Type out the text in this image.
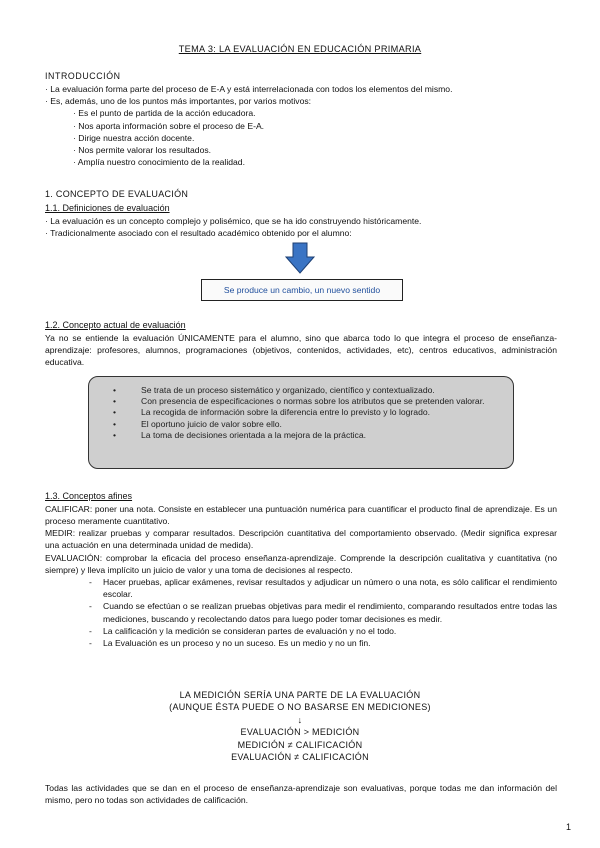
TEMA 3: LA EVALUACIÓN EN EDUCACIÓN PRIMARIA
INTRODUCCIÓN
· La evaluación forma parte del proceso de E-A y está interrelacionada con todos los elementos del mismo.
· Es, además, uno de los puntos más importantes, por varios motivos:
· Es el punto de partida de la acción educadora.
· Nos aporta información sobre el proceso de E-A.
· Dirige nuestra acción docente.
· Nos permite valorar los resultados.
· Amplía nuestro conocimiento de la realidad.
1. CONCEPTO DE EVALUACIÓN
1.1. Definiciones de evaluación
· La evaluación es un concepto complejo y polisémico, que se ha ido construyendo históricamente.
· Tradicionalmente asociado con el resultado académico obtenido por el alumno:
Se produce un cambio, un nuevo sentido
1.2. Concepto actual de evaluación
Ya no se entiende la evaluación ÚNICAMENTE para el alumno, sino que abarca todo lo que integra el proceso de enseñanza-aprendizaje: profesores, alumnos, programaciones (objetivos, contenidos, actividades, etc), centros educativos, administración educativa.
• Se trata de un proceso sistemático y organizado, científico y contextualizado.
• Con presencia de especificaciones o normas sobre los atributos que se pretenden valorar.
• La recogida de información sobre la diferencia entre lo previsto y lo logrado.
• El oportuno juicio de valor sobre ello.
• La toma de decisiones orientada a la mejora de la práctica.
1.3. Conceptos afines
CALIFICAR: poner una nota. Consiste en establecer una puntuación numérica para cuantificar el producto final de aprendizaje. Es un proceso meramente cuantitativo.
MEDIR: realizar pruebas y comparar resultados. Descripción cuantitativa del comportamiento observado. (Medir significa expresar una actuación en una determinada unidad de medida).
EVALUACIÓN: comprobar la eficacia del proceso enseñanza-aprendizaje. Comprende la descripción cualitativa y cuantitativa (no siempre) y lleva implícito un juicio de valor y una toma de decisiones al respecto.
- Hacer pruebas, aplicar exámenes, revisar resultados y adjudicar un número o una nota, es sólo calificar el rendimiento escolar.
- Cuando se efectúan o se realizan pruebas objetivas para medir el rendimiento, comparando resultados entre todas las mediciones, buscando y recolectando datos para luego poder tomar decisiones es medir.
- La calificación y la medición se consideran partes de evaluación y no el todo.
- La Evaluación es un proceso y no un suceso. Es un medio y no un fin.
LA MEDICIÓN SERÍA UNA PARTE DE LA EVALUACIÓN
(AUNQUE ÉSTA PUEDE O NO BASARSE EN MEDICIONES)
↓
EVALUACIÓN > MEDICIÓN
MEDICIÓN ≠ CALIFICACIÓN
EVALUACIÓN ≠ CALIFICACIÓN
Todas las actividades que se dan en el proceso de enseñanza-aprendizaje son evaluativas, porque todas me dan información del mismo, pero no todas son actividades de calificación.
1
